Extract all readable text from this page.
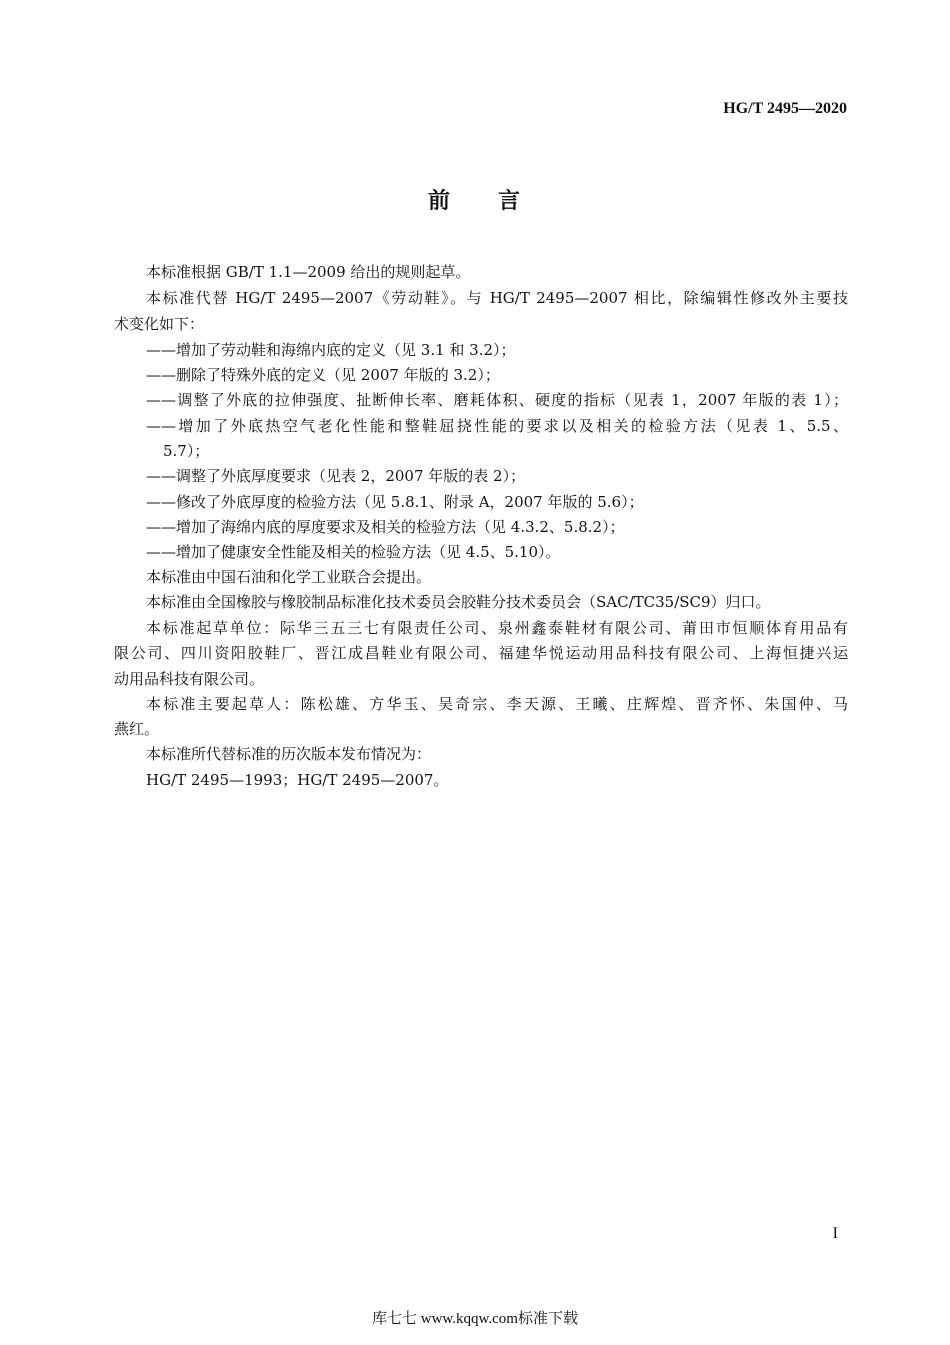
HG/T 2495—2020
前 言
本标准根据 GB/T 1.1—2009 给出的规则起草。
本标准代替 HG/T 2495—2007《劳动鞋》。与 HG/T 2495—2007 相比，除编辑性修改外主要技
术变化如下：
——增加了劳动鞋和海绵内底的定义（见 3.1 和 3.2）；
——删除了特殊外底的定义（见 2007 年版的 3.2）；
——调整了外底的拉伸强度、扯断伸长率、磨耗体积、硬度的指标（见表 1，2007 年版的表 1）；
——增加了外底热空气老化性能和整鞋屈挠性能的要求以及相关的检验方法（见表 1、5.5、
5.7）；
——调整了外底厚度要求（见表 2，2007 年版的表 2）；
——修改了外底厚度的检验方法（见 5.8.1、附录 A，2007 年版的 5.6）；
——增加了海绵内底的厚度要求及相关的检验方法（见 4.3.2、5.8.2）；
——增加了健康安全性能及相关的检验方法（见 4.5、5.10）。
本标准由中国石油和化学工业联合会提出。
本标准由全国橡胶与橡胶制品标准化技术委员会胶鞋分技术委员会（SAC/TC35/SC9）归口。
本标准起草单位：际华三五三七有限责任公司、泉州鑫泰鞋材有限公司、莆田市恒顺体育用品有
限公司、四川资阳胶鞋厂、晋江成昌鞋业有限公司、福建华悦运动用品科技有限公司、上海恒捷兴运
动用品科技有限公司。
本标准主要起草人：陈松雄、方华玉、吴奇宗、李天源、王曦、庄辉煌、晋齐怀、朱国仲、马
燕红。
本标准所代替标准的历次版本发布情况为：
HG/T 2495—1993；HG/T 2495—2007。
I
库七七 www.kqqw.com标准下载
